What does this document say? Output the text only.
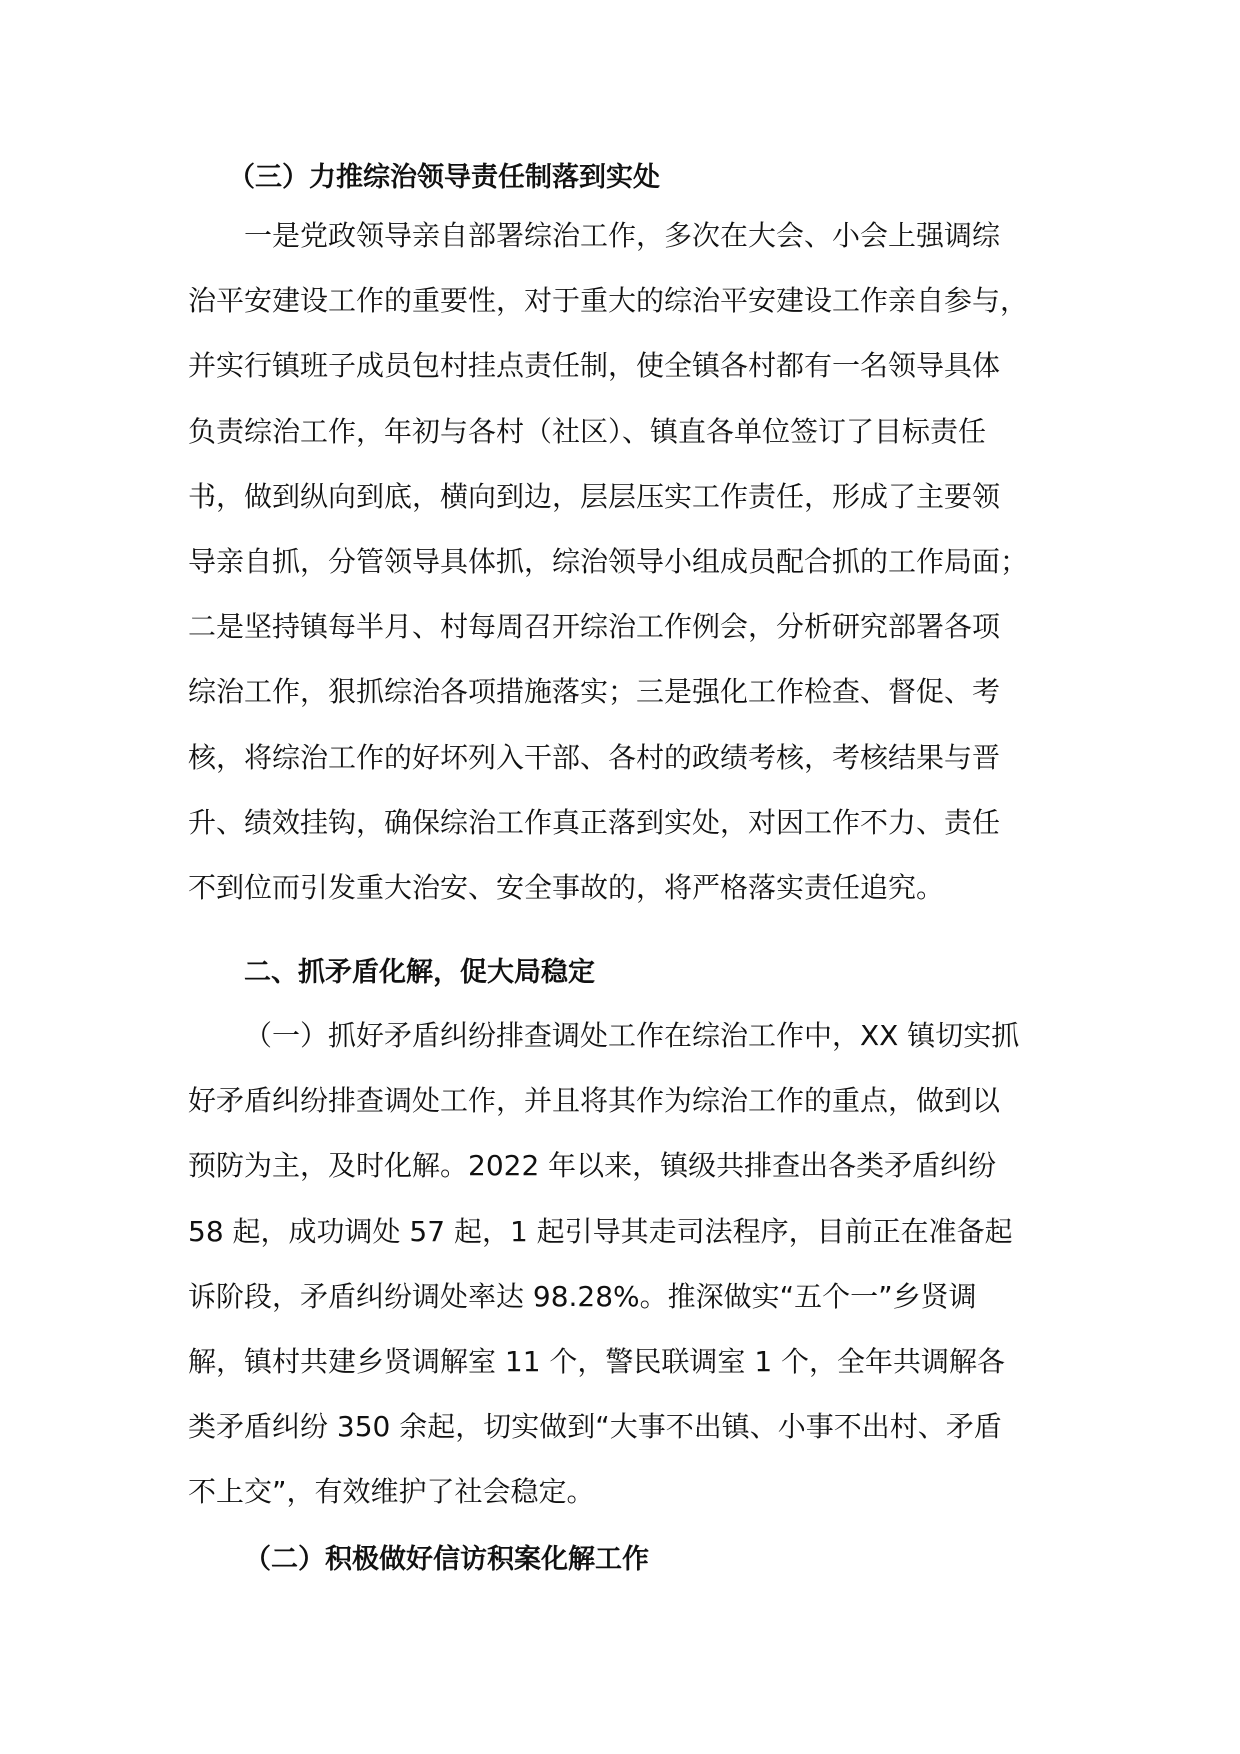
（三）力推综治领导责任制落到实处
一是党政领导亲自部署综治工作，多次在大会、小会上强调综
治平安建设工作的重要性，对于重大的综治平安建设工作亲自参与，
并实行镇班子成员包村挂点责任制，使全镇各村都有一名领导具体
负责综治工作，年初与各村（社区）、镇直各单位签订了目标责任
书，做到纵向到底，横向到边，层层压实工作责任，形成了主要领
导亲自抓，分管领导具体抓，综治领导小组成员配合抓的工作局面；
二是坚持镇每半月、村每周召开综治工作例会，分析研究部署各项
综治工作，狠抓综治各项措施落实；三是强化工作检查、督促、考
核，将综治工作的好坏列入干部、各村的政绩考核，考核结果与晋
升、绩效挂钩，确保综治工作真正落到实处，对因工作不力、责任
不到位而引发重大治安、安全事故的，将严格落实责任追究。
二、抓矛盾化解，促大局稳定
（一）抓好矛盾纠纷排查调处工作在综治工作中，XX 镇切实抓
好矛盾纠纷排查调处工作，并且将其作为综治工作的重点，做到以
预防为主，及时化解。2022 年以来，镇级共排查出各类矛盾纠纷
58 起，成功调处 57 起，1 起引导其走司法程序，目前正在准备起
诉阶段，矛盾纠纷调处率达 98.28%。推深做实“五个一”乡贤调
解，镇村共建乡贤调解室 11 个，警民联调室 1 个，全年共调解各
类矛盾纠纷 350 余起，切实做到“大事不出镇、小事不出村、矛盾
不上交”，有效维护了社会稳定。
（二）积极做好信访积案化解工作
